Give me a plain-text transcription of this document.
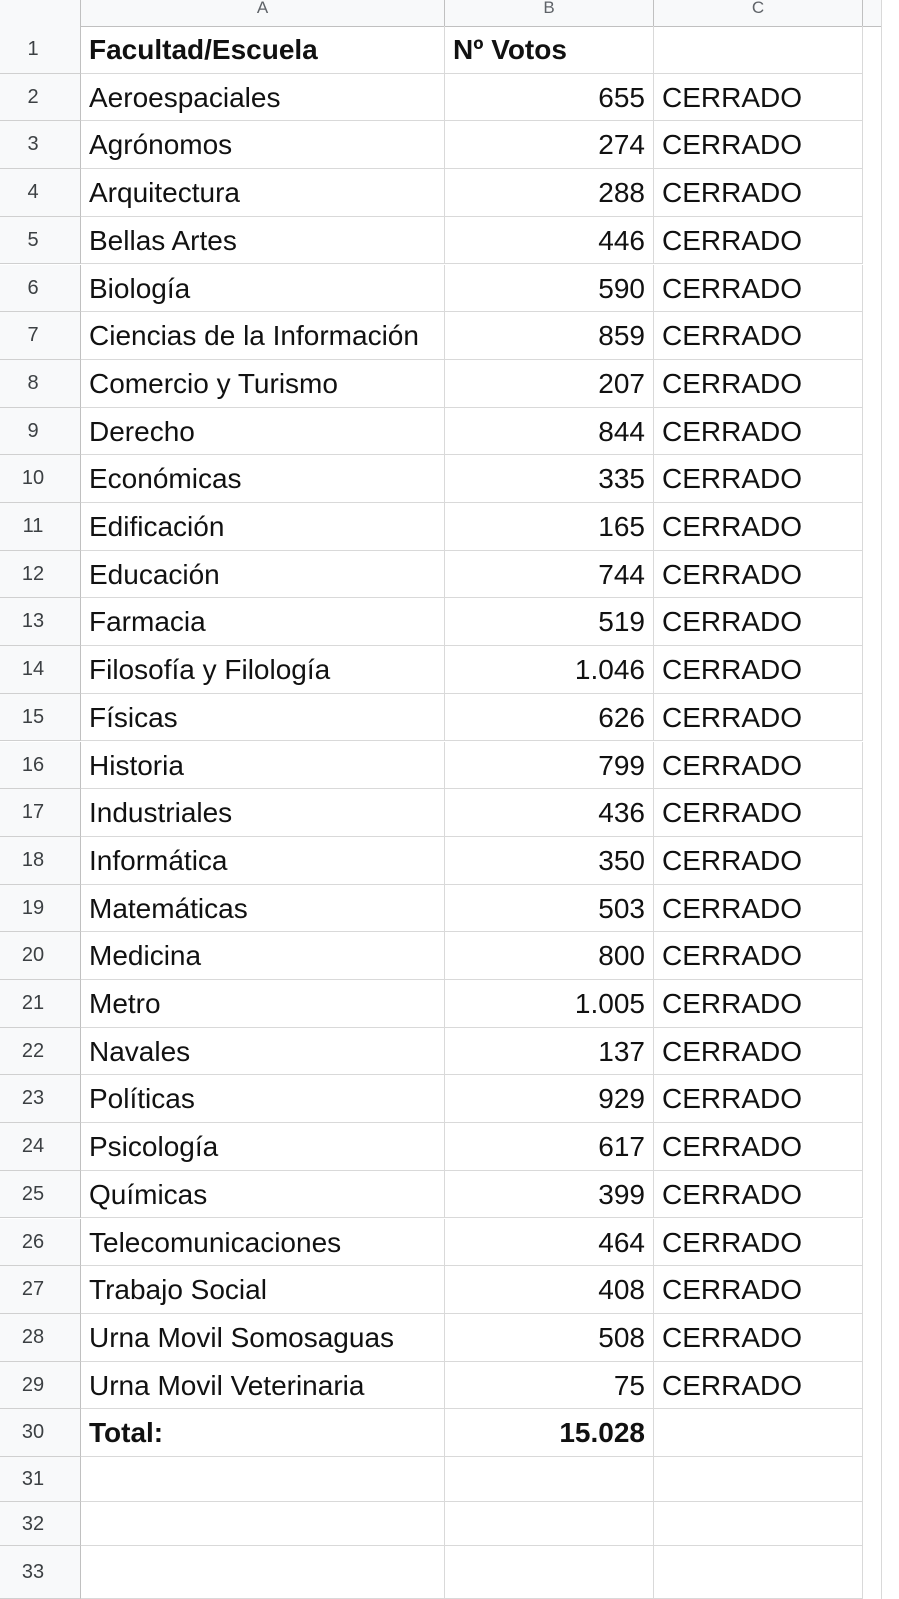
A	B	C
1	Facultad/Escuela	Nº Votos
2	Aeroespaciales	655 CERRADO
3	Agrónomos	274 CERRADO
4	Arquitectura	288 CERRADO
5	Bellas Artes	446 CERRADO
6	Biología	590 CERRADO
7	Ciencias de la Información	859 CERRADO
8	Comercio y Turismo	207 CERRADO
9	Derecho	844 CERRADO
10	Económicas	335 CERRADO
11	Edificación	165 CERRADO
12	Educación	744 CERRADO
13	Farmacia	519 CERRADO
14	Filosofía y Filología	1.046 CERRADO
15	Físicas	626 CERRADO
16	Historia	799 CERRADO
17	Industriales	436 CERRADO
18	Informática	350 CERRADO
19	Matemáticas	503 CERRADO
20	Medicina	800 CERRADO
21	Metro	1.005 CERRADO
22	Navales	137 CERRADO
23	Políticas	929 CERRADO
24	Psicología	617 CERRADO
25	Químicas	399 CERRADO
26	Telecomunicaciones	464 CERRADO
27	Trabajo Social	408 CERRADO
28	Urna Movil Somosaguas	508 CERRADO
29	Urna Movil Veterinaria	75 CERRADO
30	Total:	15.028
31
32
33
